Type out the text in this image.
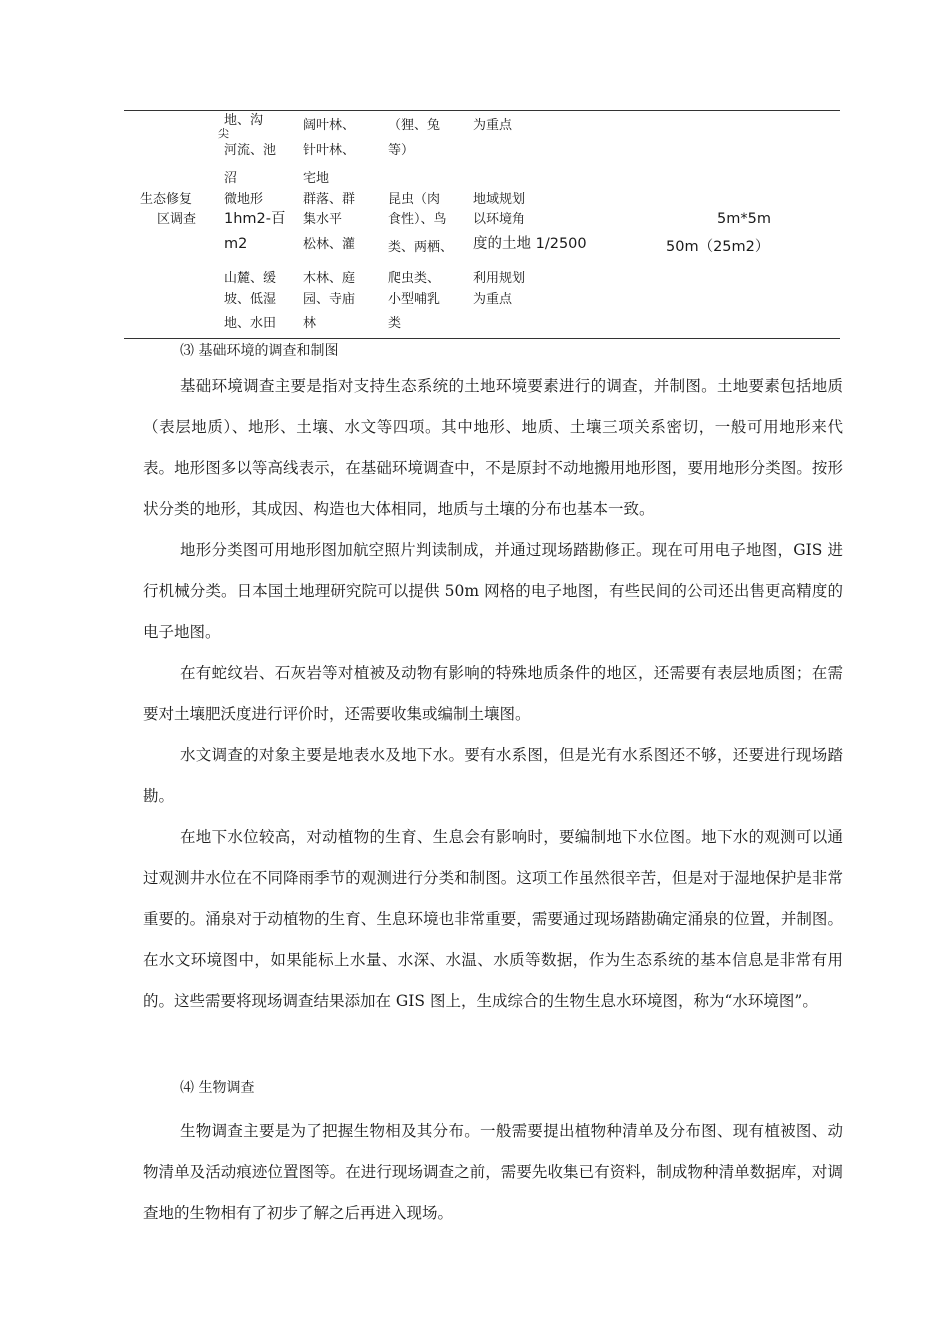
生态修复
区调查
地、沟
尖
河流、池
沼
微地形
1hm2-百
m2
山麓、缓
坡、低湿
地、水田
阔叶林、
针叶林、
宅地
群落、群
集水平
松林、灌
木林、庭
园、寺庙
林
（狸、兔
等）
昆虫（肉
食性）、鸟
类、两栖、
爬虫类、
小型哺乳
类
为重点
地域规划
以环境角
度的土地 1/2500
利用规划
为重点
5m*5m
50m（25m2）
⑶ 基础环境的调查和制图
基础环境调查主要是指对支持生态系统的土地环境要素进行的调查，并制图。土地要素包括地质（表层地质）、地形、土壤、水文等四项。其中地形、地质、土壤三项关系密切，一般可用地形来代表。地形图多以等高线表示，在基础环境调查中，不是原封不动地搬用地形图，要用地形分类图。按形状分类的地形，其成因、构造也大体相同，地质与土壤的分布也基本一致。
地形分类图可用地形图加航空照片判读制成，并通过现场踏勘修正。现在可用电子地图，GIS 进行机械分类。日本国土地理研究院可以提供 50m 网格的电子地图，有些民间的公司还出售更高精度的电子地图。
在有蛇纹岩、石灰岩等对植被及动物有影响的特殊地质条件的地区，还需要有表层地质图；在需要对土壤肥沃度进行评价时，还需要收集或编制土壤图。
水文调查的对象主要是地表水及地下水。要有水系图，但是光有水系图还不够，还要进行现场踏勘。
在地下水位较高，对动植物的生育、生息会有影响时，要编制地下水位图。地下水的观测可以通过观测井水位在不同降雨季节的观测进行分类和制图。这项工作虽然很辛苦，但是对于湿地保护是非常重要的。涌泉对于动植物的生育、生息环境也非常重要，需要通过现场踏勘确定涌泉的位置，并制图。在水文环境图中，如果能标上水量、水深、水温、水质等数据，作为生态系统的基本信息是非常有用的。这些需要将现场调查结果添加在 GIS 图上，生成综合的生物生息水环境图，称为“水环境图”。
⑷ 生物调查
生物调查主要是为了把握生物相及其分布。一般需要提出植物种清单及分布图、现有植被图、动物清单及活动痕迹位置图等。在进行现场调查之前，需要先收集已有资料，制成物种清单数据库，对调查地的生物相有了初步了解之后再进入现场。
